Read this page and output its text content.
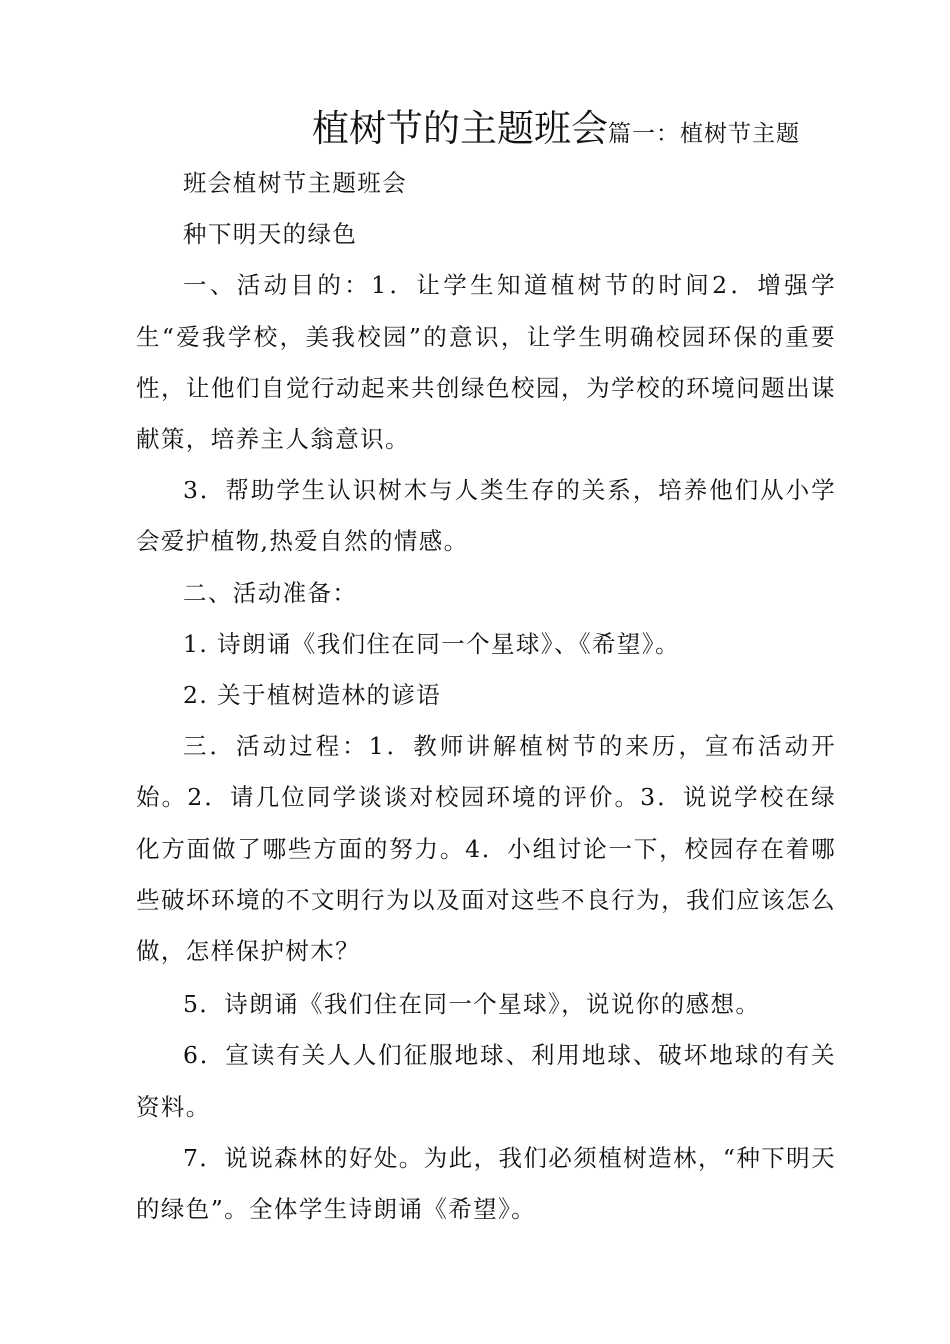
植树节的主题班会篇一：植树节主题

班会植树节主题班会

种下明天的绿色

一、活动目的：1．让学生知道植树节的时间2．增强学生“爱我学校，美我校园”的意识，让学生明确校园环保的重要性，让他们自觉行动起来共创绿色校园，为学校的环境问题出谋献策，培养主人翁意识。

3．帮助学生认识树木与人类生存的关系，培养他们从小学会爱护植物,热爱自然的情感。

二、活动准备：

1. 诗朗诵《我们住在同一个星球》、《希望》。

2. 关于植树造林的谚语

三．活动过程：1．教师讲解植树节的来历，宣布活动开始。2．请几位同学谈谈对校园环境的评价。3．说说学校在绿化方面做了哪些方面的努力。4．小组讨论一下，校园存在着哪些破坏环境的不文明行为以及面对这些不良行为，我们应该怎么做，怎样保护树木？

5．诗朗诵《我们住在同一个星球》，说说你的感想。

6．宣读有关人人们征服地球、利用地球、破坏地球的有关资料。

7．说说森林的好处。为此，我们必须植树造林，“种下明天的绿色”。全体学生诗朗诵《希望》。
